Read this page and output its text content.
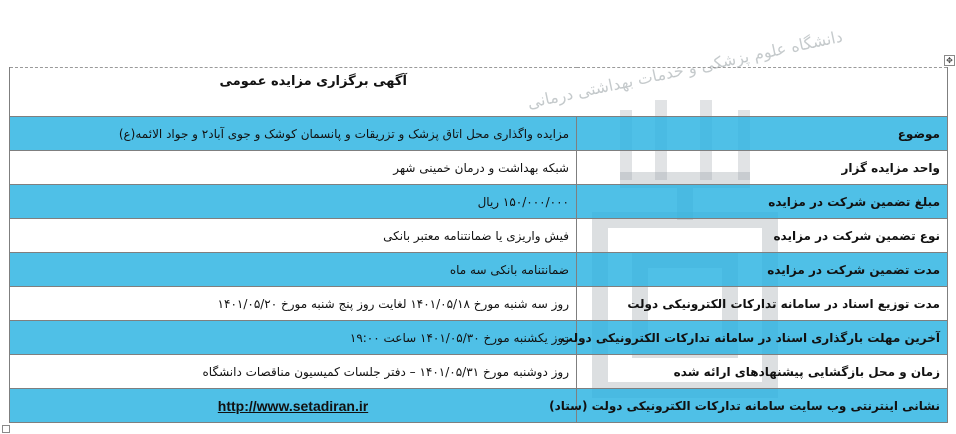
دانشگاه علوم پزشکی و خدمات بهداشتی درمانی	✥
آگهی برگزاری مزایده عمومی	

مزایده واگذاری محل اتاق پزشک و تزریقات و پانسمان کوشک و جوی آباد۲ و جواد الائمه(ع)	موضوع
شبکه بهداشت و درمان خمینی شهر	واحد مزایده گزار
۱۵۰/۰۰۰/۰۰۰ ریال	مبلغ تضمین شرکت در مزایده
فیش واریزی یا ضمانتنامه معتبر بانکی	نوع تضمین شرکت در مزایده
ضمانتنامه بانکی سه ماه	مدت تضمین شرکت در مزایده
روز سه شنبه مورخ ۱۴۰۱/۰۵/۱۸ لغایت روز پنج شنبه مورخ ۱۴۰۱/۰۵/۲۰	مدت توزیع اسناد در سامانه تدارکات الکترونیکی دولت
روز یکشنبه مورخ ۱۴۰۱/۰۵/۳۰ ساعت ۱۹:۰۰	آخرین مهلت بارگذاری اسناد در سامانه تدارکات الکترونیکی دولت
روز دوشنبه مورخ ۱۴۰۱/۰۵/۳۱ – دفتر جلسات کمیسیون مناقصات دانشگاه	زمان و محل بازگشایی پیشنهادهای ارائه شده
http://www.setadiran.ir	نشانی اینترنتی وب سایت سامانه تدارکات الکترونیکی دولت (ستاد)
